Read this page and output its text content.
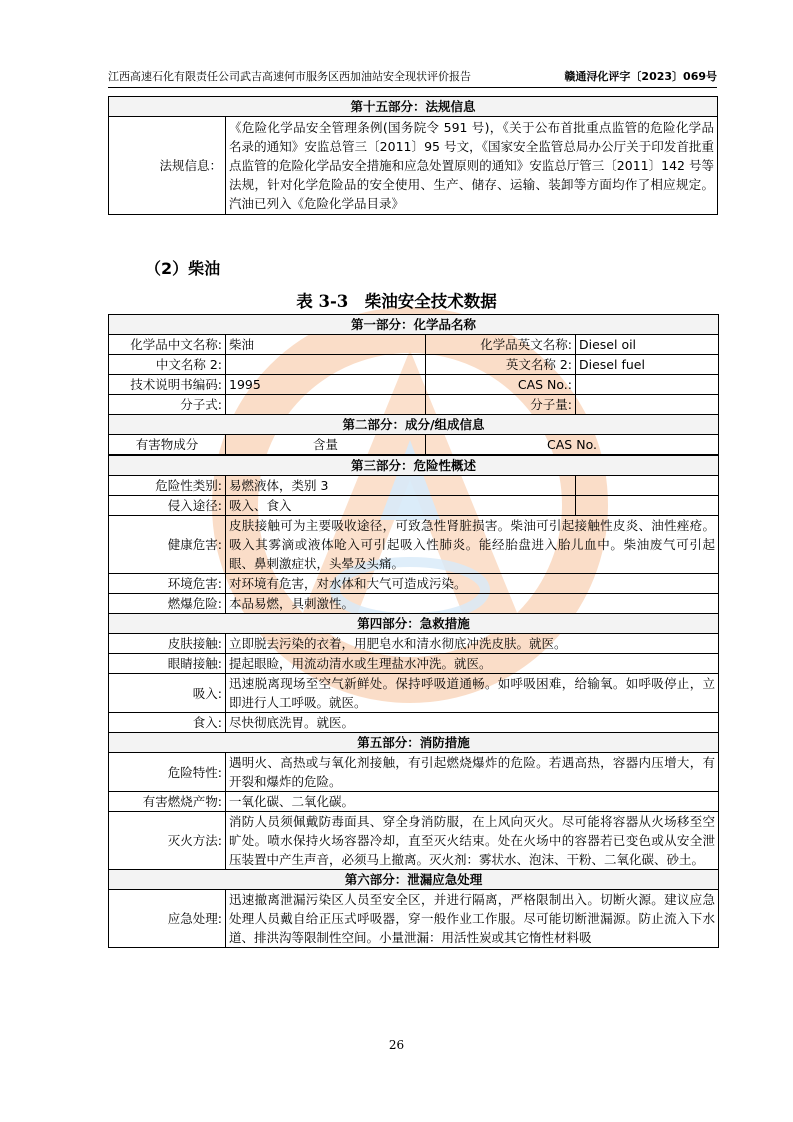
江西高速石化有限责任公司武吉高速何市服务区西加油站安全现状评价报告	赣通浔化评字〔2023〕069号
第十五部分：法规信息
法规信息：	《危险化学品安全管理条例(国务院令 591 号)，《关于公布首批重点监管的危险化学品名录的通知》安监总管三〔2011〕95 号文，《国家安全监管总局办公厅关于印发首批重点监管的危险化学品安全措施和应急处置原则的通知》安监总厅管三〔2011〕142 号等法规，针对化学危险品的安全使用、生产、储存、运输、装卸等方面均作了相应规定。汽油已列入《危险化学品目录》
（2）柴油
表 3-3　柴油安全技术数据
第一部分：化学品名称			
化学品中文名称:	柴油	化学品英文名称:	Diesel oil
中文名称 2:		英文名称 2:	Diesel fuel
技术说明书编码:	1995	CAS No.:	
分子式:		分子量:	
第二部分：成分/组成信息			
有害物成分	含量	CAS No.	

第三部分：危险性概述			
危险性类别:	易燃液体，类别 3		
侵入途径:	吸入、食入		
健康危害:	皮肤接触可为主要吸收途径，可致急性肾脏损害。柴油可引起接触性皮炎、油性痤疮。吸入其雾滴或液体呛入可引起吸入性肺炎。能经胎盘进入胎儿血中。柴油废气可引起眼、鼻刺激症状，头晕及头痛。		
环境危害:	对环境有危害，对水体和大气可造成污染。		
燃爆危险:	本品易燃，具刺激性。		
第四部分：急救措施			
皮肤接触:	立即脱去污染的衣着，用肥皂水和清水彻底冲洗皮肤。就医。		
眼睛接触:	提起眼睑，用流动清水或生理盐水冲洗。就医。		
吸入:	迅速脱离现场至空气新鲜处。保持呼吸道通畅。如呼吸困难，给输氧。如呼吸停止，立即进行人工呼吸。就医。		
食入:	尽快彻底洗胃。就医。		
第五部分：消防措施			
危险特性:	遇明火、高热或与氧化剂接触，有引起燃烧爆炸的危险。若遇高热，容器内压增大，有开裂和爆炸的危险。		
有害燃烧产物:	一氧化碳、二氧化碳。		
灭火方法:	消防人员须佩戴防毒面具、穿全身消防服，在上风向灭火。尽可能将容器从火场移至空旷处。喷水保持火场容器冷却，直至灭火结束。处在火场中的容器若已变色或从安全泄压装置中产生声音，必须马上撤离。灭火剂：雾状水、泡沫、干粉、二氧化碳、砂土。		
第六部分：泄漏应急处理			
应急处理:	迅速撤离泄漏污染区人员至安全区，并进行隔离，严格限制出入。切断火源。建议应急处理人员戴自给正压式呼吸器，穿一般作业工作服。尽可能切断泄漏源。防止流入下水道、排洪沟等限制性空间。小量泄漏：用活性炭或其它惰性材料吸		
26
